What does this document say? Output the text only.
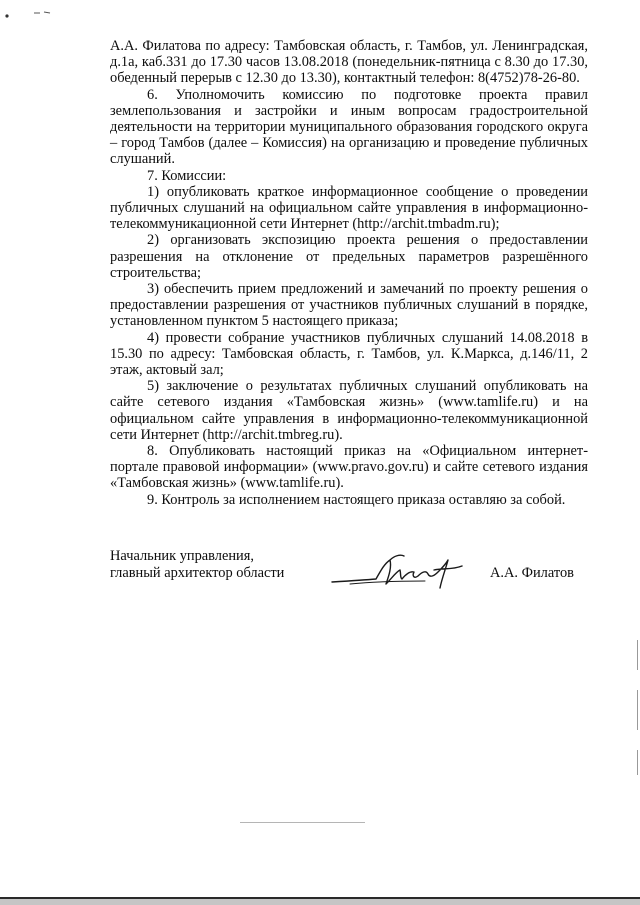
А.А. Филатова по адресу: Тамбовская область, г. Тамбов, ул. Ленинградская, д.1а, каб.331 до 17.30 часов 13.08.2018 (понедельник-пятница с 8.30 до 17.30, обеденный перерыв с 12.30 до 13.30), контактный телефон: 8(4752)78-26-80.

6. Уполномочить комиссию по подготовке проекта правил землепользования и застройки и иным вопросам градостроительной деятельности на территории муниципального образования городского округа – город Тамбов (далее – Комиссия) на организацию и проведение публичных слушаний.

7. Комиссии:

1) опубликовать краткое информационное сообщение о проведении публичных слушаний на официальном сайте управления в информационно-телекоммуникационной сети Интернет (http://archit.tmbadm.ru);

2) организовать экспозицию проекта решения о предоставлении разрешения на отклонение от предельных параметров разрешённого строительства;

3) обеспечить прием предложений и замечаний по проекту решения о предоставлении разрешения от участников публичных слушаний в порядке, установленном пунктом 5 настоящего приказа;

4) провести собрание участников публичных слушаний 14.08.2018 в 15.30 по адресу: Тамбовская область, г. Тамбов, ул. К.Маркса, д.146/11, 2 этаж, актовый зал;

5) заключение о результатах публичных слушаний опубликовать на сайте сетевого издания «Тамбовская жизнь» (www.tamlife.ru) и на официальном сайте управления в информационно-телекоммуникационной сети Интернет (http://archit.tmbreg.ru).

8. Опубликовать настоящий приказ на «Официальном интернет-портале правовой информации» (www.pravo.gov.ru) и сайте сетевого издания «Тамбовская жизнь» (www.tamlife.ru).

9. Контроль за исполнением настоящего приказа оставляю за собой.

Начальник управления,
главный архитектор области	А.А. Филатов
